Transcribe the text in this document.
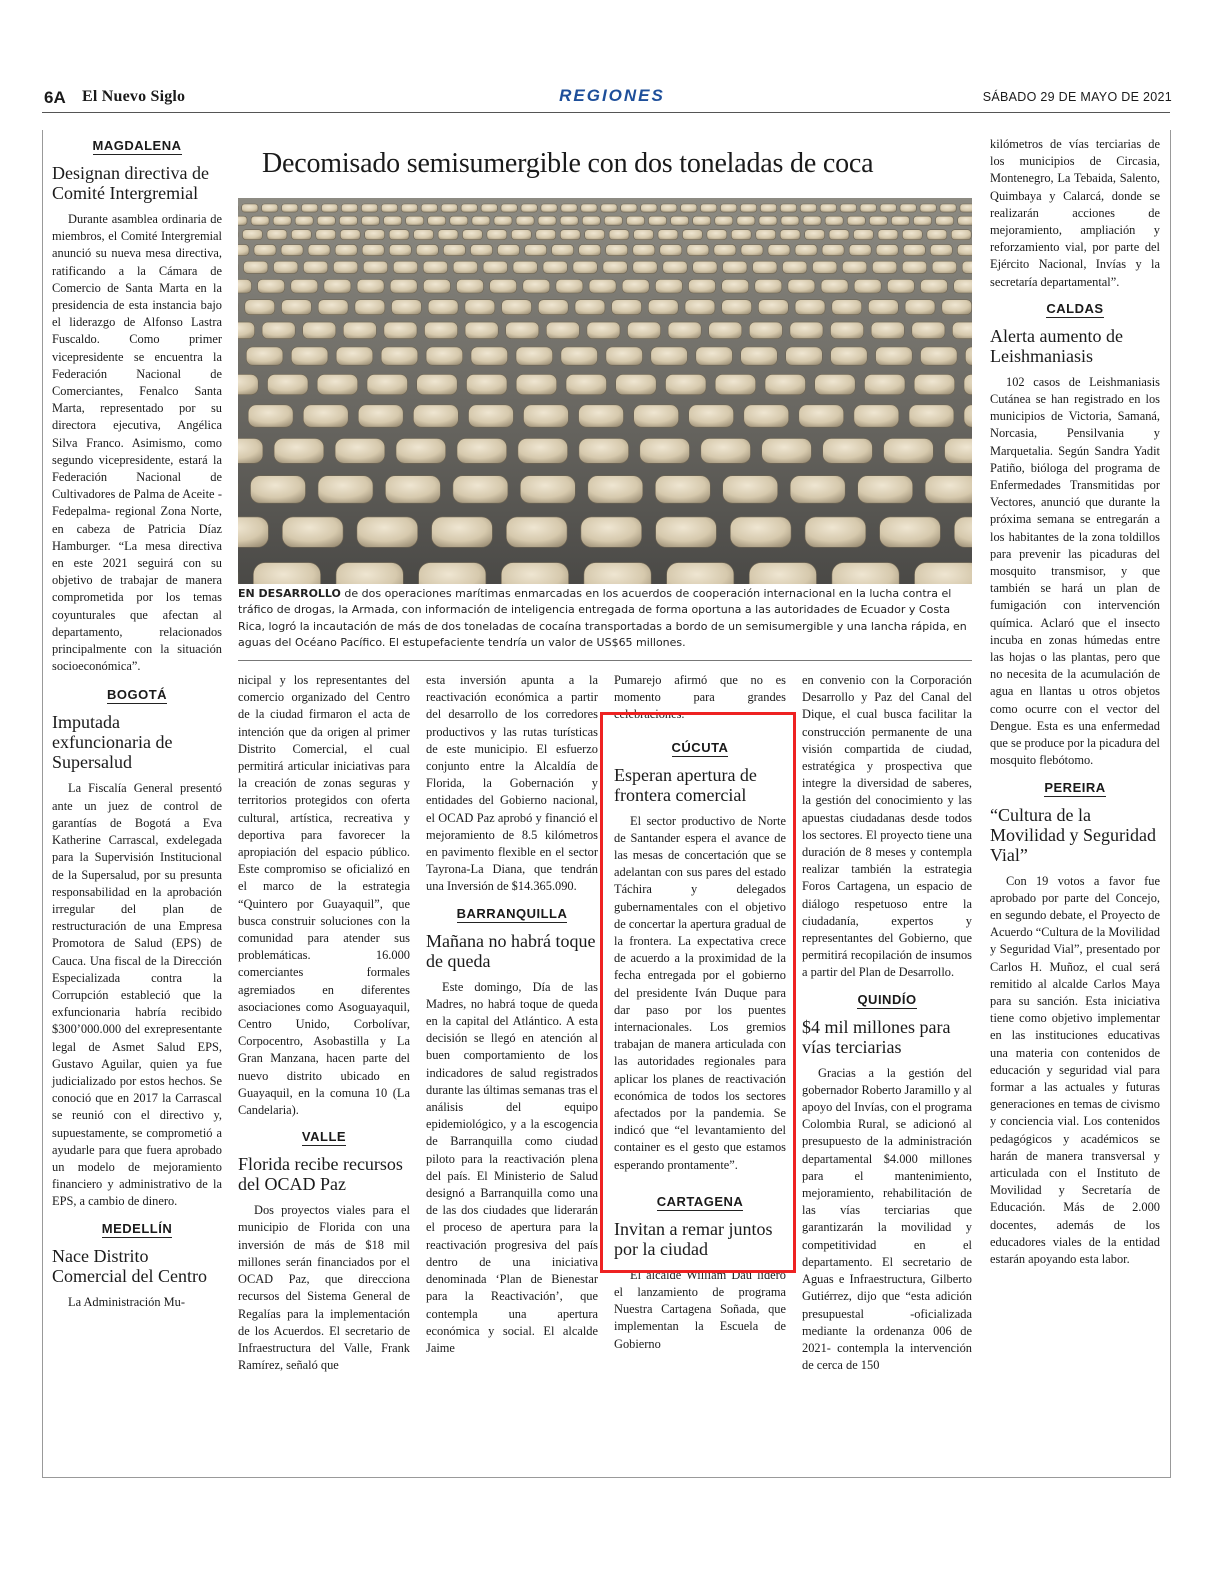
6A El Nuevo Siglo	REGIONES	SÁBADO 29 DE MAYO DE 2021
Decomisado semisumergible con dos toneladas de coca
EN DESARROLLO de dos operaciones marítimas enmarcadas en los acuerdos de cooperación internacional en la lucha contra el tráfico de drogas, la Armada, con información de inteligencia entregada de forma oportuna a las autoridades de Ecuador y Costa Rica, logró la incautación de más de dos toneladas de cocaína transportadas a bordo de un semisumergible y una lancha rápida, en aguas del Océano Pacífico. El estupefaciente tendría un valor de US$65 millones.
MAGDALENA
Designan directiva de Comité Intergremial

Durante asamblea ordinaria de miembros, el Comité Intergremial anunció su nueva mesa directiva, ratificando a la Cámara de Comercio de Santa Marta en la presidencia de esta instancia bajo el liderazgo de Alfonso Lastra Fuscaldo. Como primer vicepresidente se encuentra la Federación Nacional de Comerciantes, Fenalco Santa Marta, representado por su directora ejecutiva, Angélica Silva Franco. Asimismo, como segundo vicepresidente, estará la Federación Nacional de Cultivadores de Palma de Aceite -Fedepalma- regional Zona Norte, en cabeza de Patricia Díaz Hamburger. “La mesa directiva en este 2021 seguirá con su objetivo de trabajar de manera comprometida por los temas coyunturales que afectan al departamento, relacionados principalmente con la situación socioeconómica”.

BOGOTÁ
Imputada exfuncionaria de Supersalud

La Fiscalía General presentó ante un juez de control de garantías de Bogotá a Eva Katherine Carrascal, exdelegada para la Supervisión Institucional de la Supersalud, por su presunta responsabilidad en la aprobación irregular del plan de restructuración de una Empresa Promotora de Salud (EPS) de Cauca. Una fiscal de la Dirección Especializada contra la Corrupción estableció que la exfuncionaria habría recibido $300’000.000 del exrepresentante legal de Asmet Salud EPS, Gustavo Aguilar, quien ya fue judicializado por estos hechos. Se conoció que en 2017 la Carrascal se reunió con el directivo y, supuestamente, se comprometió a ayudarle para que fuera aprobado un modelo de mejoramiento financiero y administrativo de la EPS, a cambio de dinero.

MEDELLÍN
Nace Distrito Comercial del Centro

La Administración Mu-

nicipal y los representantes del comercio organizado del Centro de la ciudad firmaron el acta de intención que da origen al primer Distrito Comercial, el cual permitirá articular iniciativas para la creación de zonas seguras y territorios protegidos con oferta cultural, artística, recreativa y deportiva para favorecer la apropiación del espacio público. Este compromiso se oficializó en el marco de la estrategia “Quintero por Guayaquil”, que busca construir soluciones con la comunidad para atender sus problemáticas. 16.000 comerciantes formales agremiados en diferentes asociaciones como Asoguayaquil, Centro Unido, Corbolívar, Corpocentro, Asobastilla y La Gran Manzana, hacen parte del nuevo distrito ubicado en Guayaquil, en la comuna 10 (La Candelaria).

VALLE
Florida recibe recursos del OCAD Paz

Dos proyectos viales para el municipio de Florida con una inversión de más de $18 mil millones serán financiados por el OCAD Paz, que direcciona recursos del Sistema General de Regalías para la implementación de los Acuerdos. El secretario de Infraestructura del Valle, Frank Ramírez, señaló que

esta inversión apunta a la reactivación económica a partir del desarrollo de los corredores productivos y las rutas turísticas de este municipio. El esfuerzo conjunto entre la Alcaldía de Florida, la Gobernación y entidades del Gobierno nacional, el OCAD Paz aprobó y financió el mejoramiento de 8.5 kilómetros en pavimento flexible en el sector Tayrona-La Diana, que tendrán una Inversión de $14.365.090.

BARRANQUILLA
Mañana no habrá toque de queda

Este domingo, Día de las Madres, no habrá toque de queda en la capital del Atlántico. A esta decisión se llegó en atención al buen comportamiento de los indicadores de salud registrados durante las últimas semanas tras el análisis del equipo epidemiológico, y a la escogencia de Barranquilla como ciudad piloto para la reactivación plena del país. El Ministerio de Salud designó a Barranquilla como una de las dos ciudades que liderarán el proceso de apertura para la reactivación progresiva del país dentro de una iniciativa denominada ‘Plan de Bienestar para la Reactivación’, que contempla una apertura económica y social. El alcalde Jaime

Pumarejo afirmó que no es momento para grandes celebraciones.

CÚCUTA
Esperan apertura de frontera comercial

El sector productivo de Norte de Santander espera el avance de las mesas de concertación que se adelantan con sus pares del estado Táchira y delegados gubernamentales con el objetivo de concertar la apertura gradual de la frontera. La expectativa crece de acuerdo a la proximidad de la fecha entregada por el gobierno del presidente Iván Duque para dar paso por los puentes internacionales. Los gremios trabajan de manera articulada con las autoridades regionales para aplicar los planes de reactivación económica de todos los sectores afectados por la pandemia. Se indicó que “el levantamiento del container es el gesto que estamos esperando prontamente”.

CARTAGENA
Invitan a remar juntos por la ciudad

El alcalde William Dau lideró el lanzamiento de programa Nuestra Cartagena Soñada, que implementan la Escuela de Gobierno

en convenio con la Corporación Desarrollo y Paz del Canal del Dique, el cual busca facilitar la construcción permanente de una visión compartida de ciudad, estratégica y prospectiva que integre la diversidad de saberes, la gestión del conocimiento y las apuestas ciudadanas desde todos los sectores. El proyecto tiene una duración de 8 meses y contempla realizar también la estrategia Foros Cartagena, un espacio de diálogo respetuoso entre la ciudadanía, expertos y representantes del Gobierno, que permitirá recopilación de insumos a partir del Plan de Desarrollo.

QUINDÍO
$4 mil millones para vías terciarias

Gracias a la gestión del gobernador Roberto Jaramillo y al apoyo del Invías, con el programa Colombia Rural, se adicionó al presupuesto de la administración departamental $4.000 millones para el mantenimiento, mejoramiento, rehabilitación de las vías terciarias que garantizarán la movilidad y competitividad en el departamento. El secretario de Aguas e Infraestructura, Gilberto Gutiérrez, dijo que “esta adición presupuestal -oficializada mediante la ordenanza 006 de 2021- contempla la intervención de cerca de 150

kilómetros de vías terciarias de los municipios de Circasia, Montenegro, La Tebaida, Salento, Quimbaya y Calarcá, donde se realizarán acciones de mejoramiento, ampliación y reforzamiento vial, por parte del Ejército Nacional, Invías y la secretaría departamental”.

CALDAS
Alerta aumento de Leishmaniasis

102 casos de Leishmaniasis Cutánea se han registrado en los municipios de Victoria, Samaná, Norcasia, Pensilvania y Marquetalia. Según Sandra Yadit Patiño, bióloga del programa de Enfermedades Transmitidas por Vectores, anunció que durante la próxima semana se entregarán a los habitantes de la zona toldillos para prevenir las picaduras del mosquito transmisor, y que también se hará un plan de fumigación con intervención química. Aclaró que el insecto incuba en zonas húmedas entre las hojas o las plantas, pero que no necesita de la acumulación de agua en llantas u otros objetos como ocurre con el vector del Dengue. Esta es una enfermedad que se produce por la picadura del mosquito flebótomo.

PEREIRA
“Cultura de la Movilidad y Seguridad Vial”

Con 19 votos a favor fue aprobado por parte del Concejo, en segundo debate, el Proyecto de Acuerdo “Cultura de la Movilidad y Seguridad Vial”, presentado por Carlos H. Muñoz, el cual será remitido al alcalde Carlos Maya para su sanción. Esta iniciativa tiene como objetivo implementar en las instituciones educativas una materia con contenidos de educación y seguridad vial para formar a las actuales y futuras generaciones en temas de civismo y conciencia vial. Los contenidos pedagógicos y académicos se harán de manera transversal y articulada con el Instituto de Movilidad y Secretaría de Educación. Más de 2.000 docentes, además de los educadores viales de la entidad estarán apoyando esta labor.
